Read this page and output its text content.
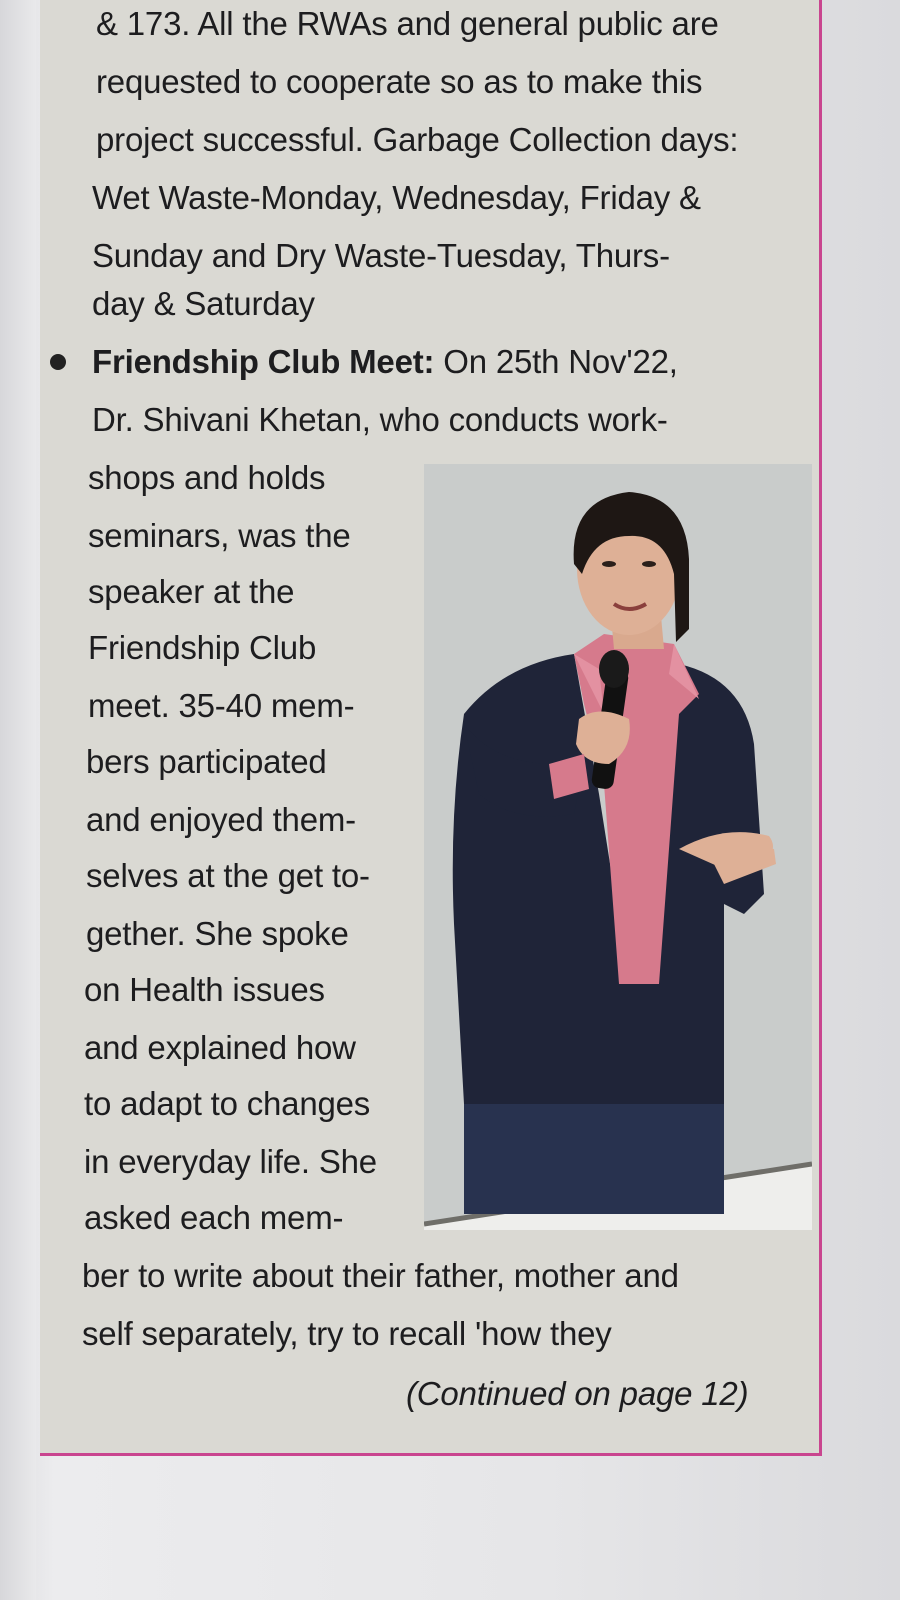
& 173. All the RWAs and general public are
requested to cooperate so as to make this
project successful. Garbage Collection days:
Wet Waste-Monday, Wednesday, Friday &
Sunday and Dry Waste-Tuesday, Thurs-
day & Saturday
Friendship Club Meet: On 25th Nov'22,
Dr. Shivani Khetan, who conducts work-
shops and holds
seminars, was the
speaker at the
Friendship Club
meet. 35-40 mem-
bers participated
and enjoyed them-
selves at the get to-
gether. She spoke
on Health issues
and explained how
to adapt to changes
in everyday life. She
asked each mem-
ber to write about their father, mother and
self separately, try to recall 'how they
(Continued on page 12)
